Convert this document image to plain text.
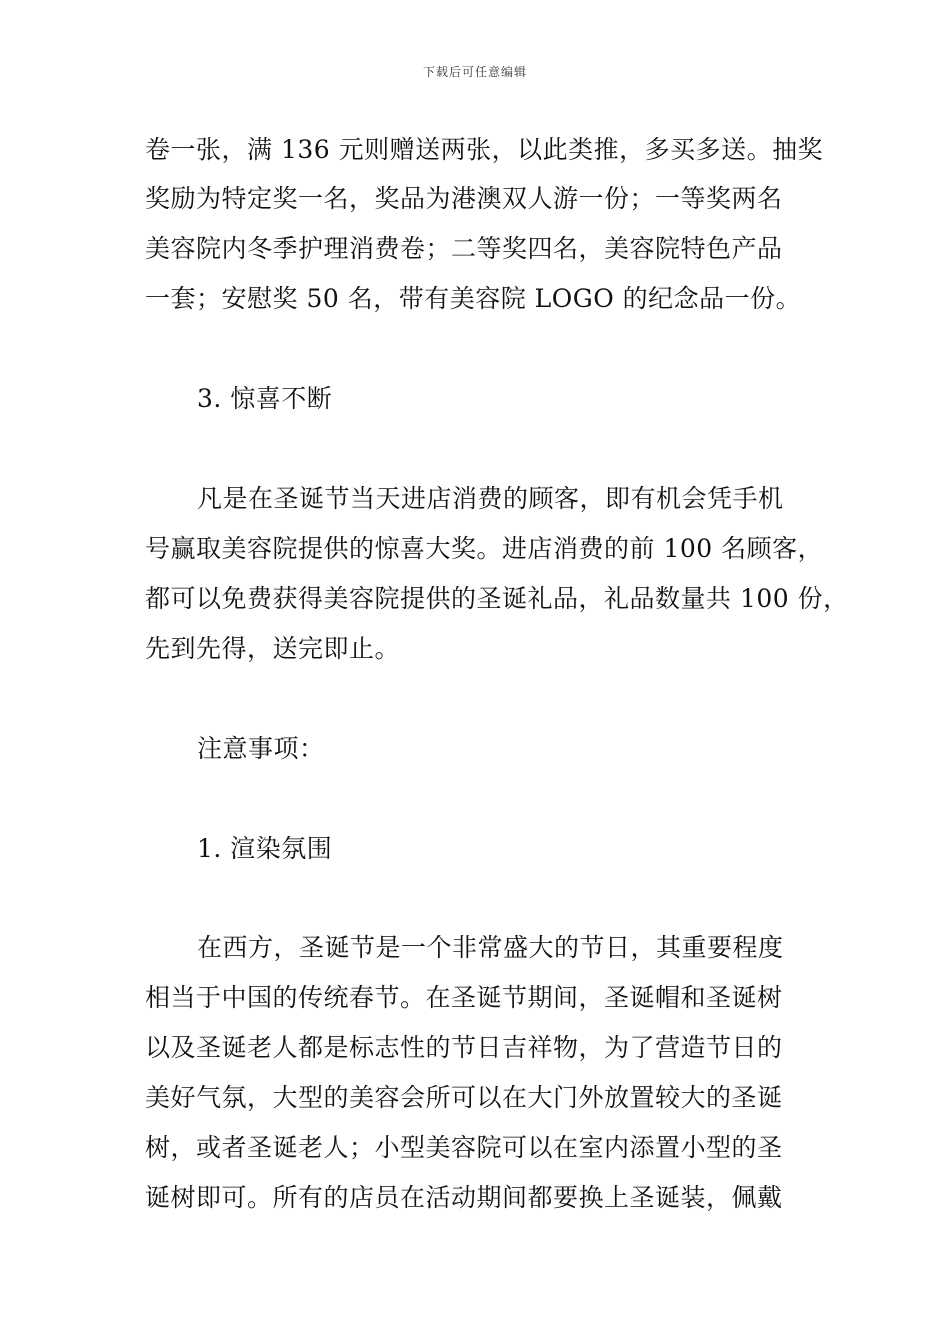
下载后可任意编辑
卷一张，满 136 元则赠送两张，以此类推，多买多送。抽奖
奖励为特定奖一名，奖品为港澳双人游一份；一等奖两名
美容院内冬季护理消费卷；二等奖四名，美容院特色产品
一套；安慰奖 50 名，带有美容院 LOGO 的纪念品一份。
3. 惊喜不断
凡是在圣诞节当天进店消费的顾客，即有机会凭手机
号赢取美容院提供的惊喜大奖。进店消费的前 100 名顾客，
都可以免费获得美容院提供的圣诞礼品，礼品数量共 100 份，
先到先得，送完即止。
注意事项：
1. 渲染氛围
在西方，圣诞节是一个非常盛大的节日，其重要程度
相当于中国的传统春节。在圣诞节期间，圣诞帽和圣诞树
以及圣诞老人都是标志性的节日吉祥物，为了营造节日的
美好气氛，大型的美容会所可以在大门外放置较大的圣诞
树，或者圣诞老人；小型美容院可以在室内添置小型的圣
诞树即可。所有的店员在活动期间都要换上圣诞装，佩戴
